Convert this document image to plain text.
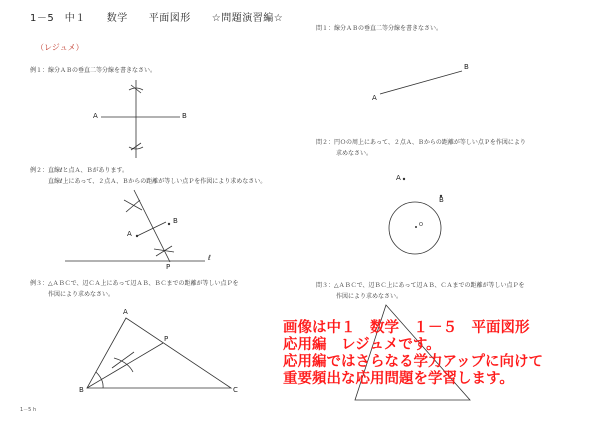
1－5　中１　　数学　　平面図形　　☆問題演習編☆
（レジュメ）
例１：線分ＡＢの垂直二等分線を書きなさい。
例２：直線ℓと点Ａ、Ｂがあります。
直線ℓ上にあって、２点Ａ、Ｂからの距離が等しい点Ｐを作図により求めなさい。
例３：△ＡＢＣで、辺ＣＡ上にあって辺ＡＢ、ＢＣまでの距離が等しい点Ｐを
作図により求めなさい。
問１：線分ＡＢの垂直二等分線を書きなさい。
問２：円Ｏの周上にあって、２点Ａ、Ｂからの距離が等しい点Ｐを作図により
求めなさい。
問３：△ＡＢＣで、辺ＢＣ上にあって辺ＡＢ、ＣＡまでの距離が等しい点Ｐを
作図により求めなさい。
A	B
B
A
P
ℓ
A
B	C
P
A
B
A
B
O
画像は中１　数学　１－５　平面図形
応用編　レジュメです。
応用編ではさらなる学力アップに向けて
重要頻出な応用問題を学習します。
1－5 h
